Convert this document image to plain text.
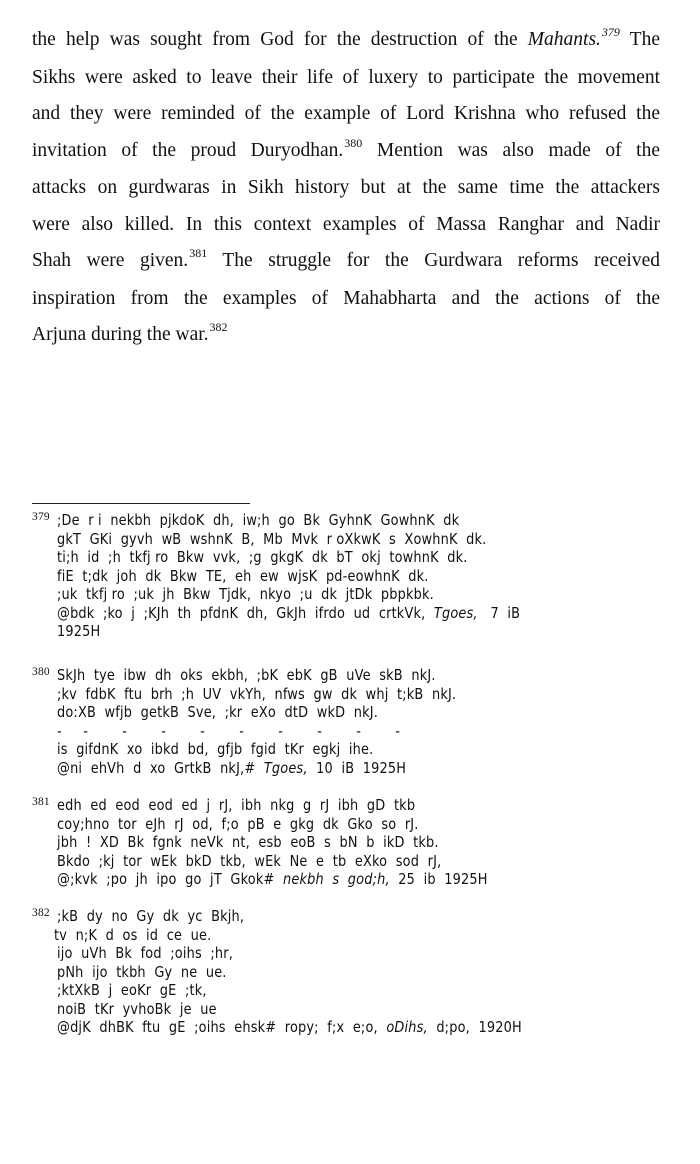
the help was sought from God for the destruction of the Mahants.$^{379}$ The
Sikhs were asked to leave their life of luxery to participate the movement
and they were reminded of the example of Lord Krishna who refused the
invitation of the proud Duryodhan.$^{380}$ Mention was also made of the
attacks on gurdwaras in Sikh history but at the same time the attackers
were also killed. In this context examples of Massa Ranghar and Nadir
Shah were given.$^{381}$ The struggle for the Gurdwara reforms received
inspiration from the examples of Mahabharta and the actions of the
Arjuna during the war.$^{382}$
379 ;De  r i  nekbh  pjkdoK  dh,  iw;h  go  Bk  GyhnK  GowhnK  dk
gkT  GKi  gyvh  wB  wshnK  B,  Mb  Mvk  r oXkwK  s  XowhnK  dk.
ti;h  id  ;h  tkfj ro  Bkw  vvk,  ;g  gkgK  dk  bT  okj  towhnK  dk.
fiE  t;dk  joh  dk  Bkw  TE,  eh  ew  wjsK  pd-eowhnK  dk.
;uk  tkfj ro  ;uk  jh  Bkw  Tjdk,  nkyo  ;u  dk  jtDk  pbpkbk.
@bdk  ;ko  j  ;KJh  th  pfdnK  dh,  GkJh  ifrdo  ud  crtkVk,  Tgoes,   7  iB
1925H
380 SkJh  tye  ibw  dh  oks  ekbh,  ;bK  ebK  gB  uVe  skB  nkJ.
;kv  fdbK  ftu  brh  ;h  UV  vkYh,  nfws  gw  dk  whj  t;kB  nkJ.
do:XB  wfjb  getkB  Sve,  ;kr  eXo  dtD  wkD  nkJ.
-     -        -        -        -        -        -        -        -        -
is  gifdnK  xo  ibkd  bd,  gfjb  fgid  tKr  egkj  ihe.
@ni  ehVh  d  xo  GrtkB  nkJ,#  Tgoes,  10  iB  1925H
381 edh  ed  eod  eod  ed  j  rJ,  ibh  nkg  g  rJ  ibh  gD  tkb
coy;hno  tor  eJh  rJ  od,  f;o  pB  e  gkg  dk  Gko  so  rJ.
jbh  !  XD  Bk  fgnk  neVk  nt,  esb  eoB  s  bN  b  ikD  tkb.
Bkdo  ;kj  tor  wEk  bkD  tkb,  wEk  Ne  e  tb  eXko  sod  rJ,
@;kvk  ;po  jh  ipo  go  jT  Gkok#  nekbh  s  god;h,  25  ib  1925H
382 ;kB  dy  no  Gy  dk  yc  Bkjh,
tv  n;K  d  os  id  ce  ue.
ijo  uVh  Bk  fod  ;oihs  ;hr,
pNh  ijo  tkbh  Gy  ne  ue.
;ktXkB  j  eoKr  gE  ;tk,
noiB  tKr  yvhoBk  je  ue
@djK  dhBK  ftu  gE  ;oihs  ehsk#  ropy;  f;x  e;o,  oDihs,  d;po,  1920H
